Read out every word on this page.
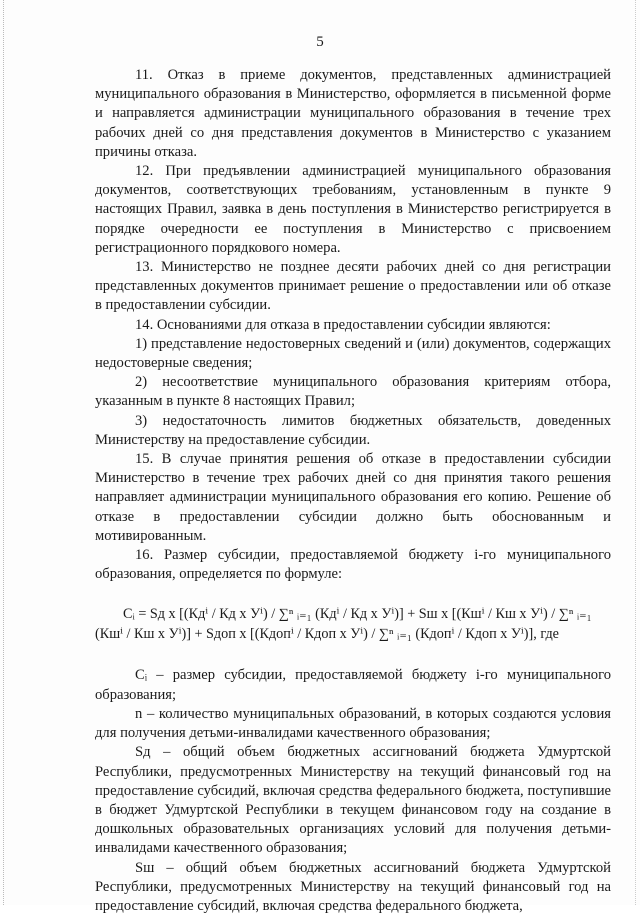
5

11. Отказ в приеме документов, представленных администрацией муниципального образования в Министерство, оформляется в письменной форме и направляется администрации муниципального образования в течение трех рабочих дней со дня представления документов в Министерство с указанием причины отказа.

12. При предъявлении администрацией муниципального образования документов, соответствующих требованиям, установленным в пункте 9 настоящих Правил, заявка в день поступления в Министерство регистрируется в порядке очередности ее поступления в Министерство с присвоением регистрационного порядкового номера.

13. Министерство не позднее десяти рабочих дней со дня регистрации представленных документов принимает решение о предоставлении или об отказе в предоставлении субсидии.

14. Основаниями для отказа в предоставлении субсидии являются:

1) представление недостоверных сведений и (или) документов, содержащих недостоверные сведения;

2) несоответствие муниципального образования критериям отбора, указанным в пункте 8 настоящих Правил;

3) недостаточность лимитов бюджетных обязательств, доведенных Министерству на предоставление субсидии.

15. В случае принятия решения об отказе в предоставлении субсидии Министерство в течение трех рабочих дней со дня принятия такого решения направляет администрации муниципального образования его копию. Решение об отказе в предоставлении субсидии должно быть обоснованным и мотивированным.

16. Размер субсидии, предоставляемой бюджету i-го муниципального образования, определяется по формуле:

Cᵢ = Sд x [(Кдⁱ / Кд x Уⁱ) / ∑ⁿ ᵢ₌₁ (Кдⁱ / Кд x Уⁱ)] + Sш x [(Кшⁱ / Кш x Уⁱ) / ∑ⁿ ᵢ₌₁
(Кшⁱ / Кш x Уⁱ)] + Sдоп x [(Кдопⁱ / Кдоп x Уⁱ) / ∑ⁿ ᵢ₌₁ (Кдопⁱ / Кдоп x Уⁱ)], где

Сᵢ – размер субсидии, предоставляемой бюджету i-го муниципального образования;

n – количество муниципальных образований, в которых создаются условия для получения детьми-инвалидами качественного образования;

Sд – общий объем бюджетных ассигнований бюджета Удмуртской Республики, предусмотренных Министерству на текущий финансовый год на предоставление субсидий, включая средства федерального бюджета, поступившие в бюджет Удмуртской Республики в текущем финансовом году на создание в дошкольных образовательных организациях условий для получения детьми-инвалидами качественного образования;

Sш – общий объем бюджетных ассигнований бюджета Удмуртской Республики, предусмотренных Министерству на текущий финансовый год на предоставление субсидий, включая средства федерального бюджета,
